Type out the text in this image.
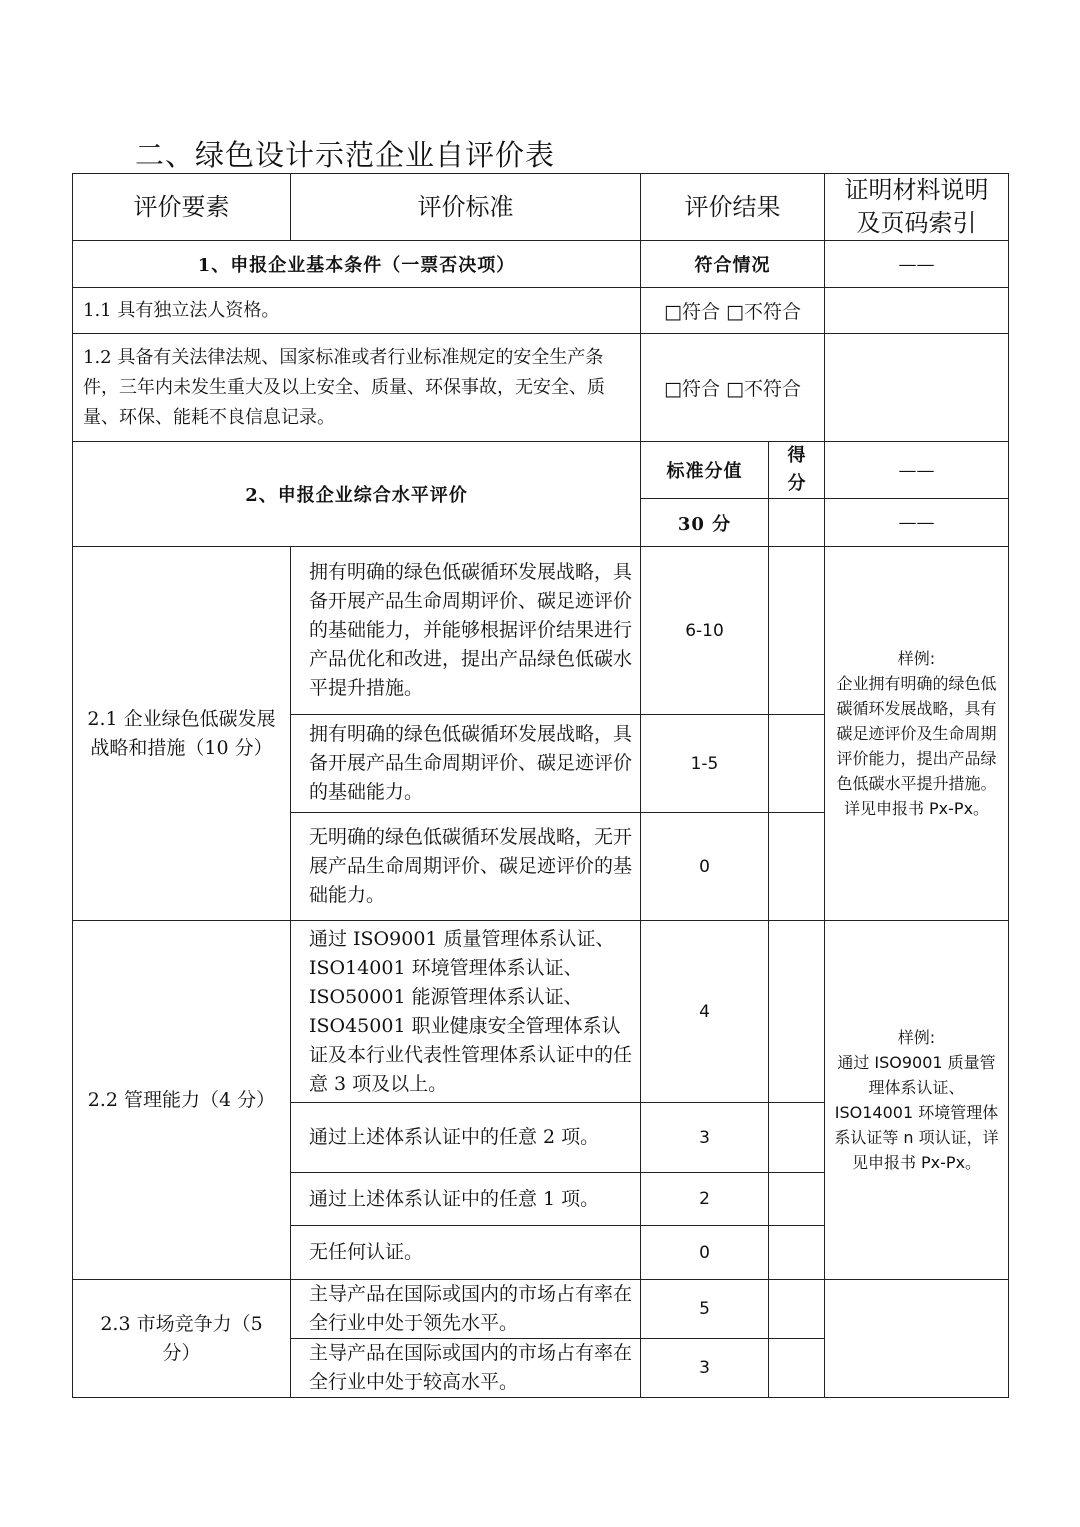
二、绿色设计示范企业自评价表
评价要素	评价标准	评价结果		证明材料说明及页码索引
1、申报企业基本条件（一票否决项）		符合情况		——
1.1 具有独立法人资格。		□符合 □不符合		
1.2 具备有关法律法规、国家标准或者行业标准规定的安全生产条件，三年内未发生重大及以上安全、质量、环保事故，无安全、质量、环保、能耗不良信息记录。		□符合 □不符合		
2、申报企业综合水平评价		标准分值	得分	——
		30 分		——
2.1 企业绿色低碳发展战略和措施（10 分）	拥有明确的绿色低碳循环发展战略，具备开展产品生命周期评价、碳足迹评价的基础能力，并能够根据评价结果进行产品优化和改进，提出产品绿色低碳水平提升措施。	6-10		样例:
企业拥有明确的绿色低碳循环发展战略，具有碳足迹评价及生命周期评价能力，提出产品绿色低碳水平提升措施。详见申报书 Px-Px。
	拥有明确的绿色低碳循环发展战略，具备开展产品生命周期评价、碳足迹评价的基础能力。	1-5		
	无明确的绿色低碳循环发展战略，无开展产品生命周期评价、碳足迹评价的基础能力。	0		
2.2 管理能力（4 分）	通过 ISO9001 质量管理体系认证、ISO14001 环境管理体系认证、ISO50001 能源管理体系认证、ISO45001 职业健康安全管理体系认证及本行业代表性管理体系认证中的任意 3 项及以上。	4		样例:
通过 ISO9001 质量管理体系认证、ISO14001 环境管理体系认证等 n 项认证，详见申报书 Px-Px。
	通过上述体系认证中的任意 2 项。	3		
	通过上述体系认证中的任意 1 项。	2		
	无任何认证。	0		
2.3 市场竞争力（5 分）	主导产品在国际或国内的市场占有率在全行业中处于领先水平。	5		
	主导产品在国际或国内的市场占有率在全行业中处于较高水平。	3		
